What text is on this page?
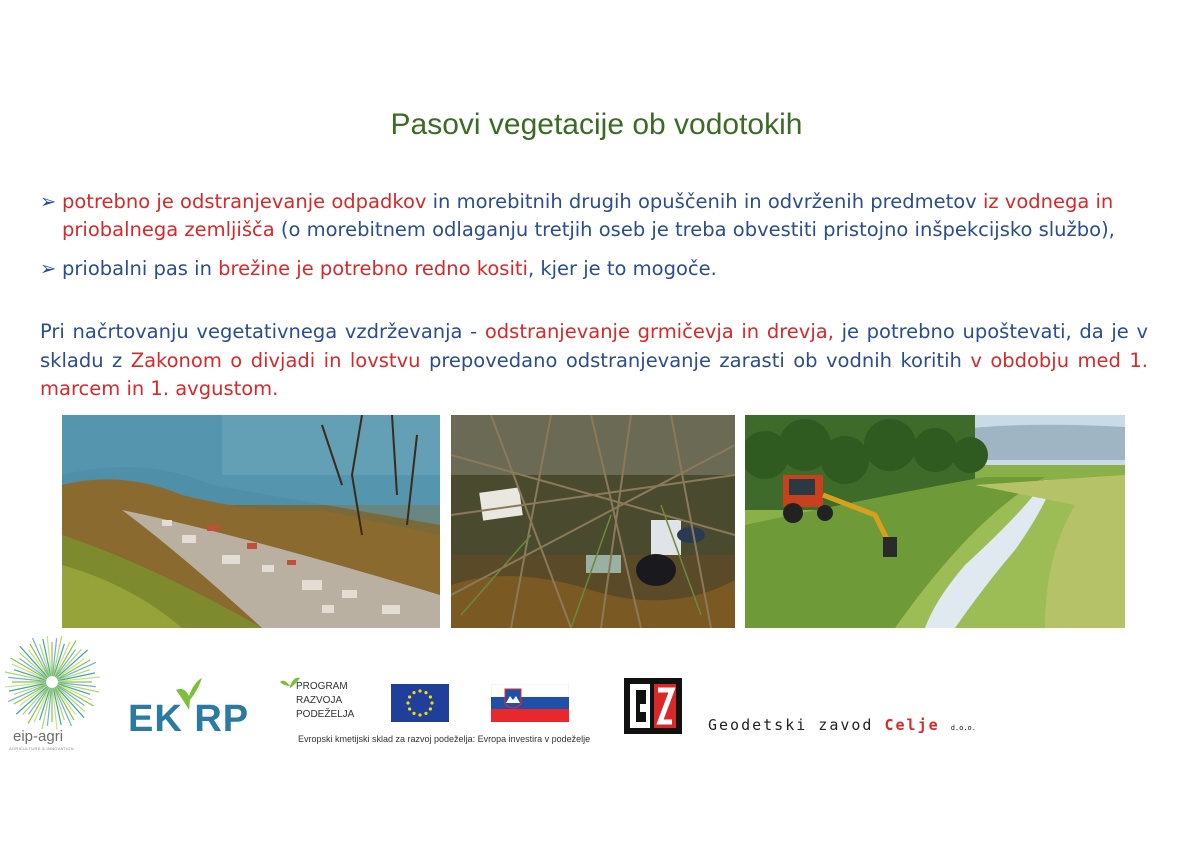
Pasovi vegetacije ob vodotokih
➢ potrebno je odstranjevanje odpadkov in morebitnih drugih opuščenih in odvrženih predmetov iz vodnega in priobalnega zemljišča (o morebitnem odlaganju tretjih oseb je treba obvestiti pristojno inšpekcijsko službo),
➢ priobalni pas in brežine je potrebno redno kositi, kjer je to mogoče.
Pri načrtovanju vegetativnega vzdrževanja - odstranjevanje grmičevja in drevja, je potrebno upoštevati, da je v skladu z Zakonom o divjadi in lovstvu prepovedano odstranjevanje zarasti ob vodnih koritih v obdobju med 1. marcem in 1. avgustom.
eip-agri
AGRICULTURE & INNOVATION
EK RP
PROGRAM
RAZVOJA
PODEŽELJA
Evropski kmetijski sklad za razvoj podeželja: Evropa investira v podeželje
Geodetski zavod Celje d.o.o.
